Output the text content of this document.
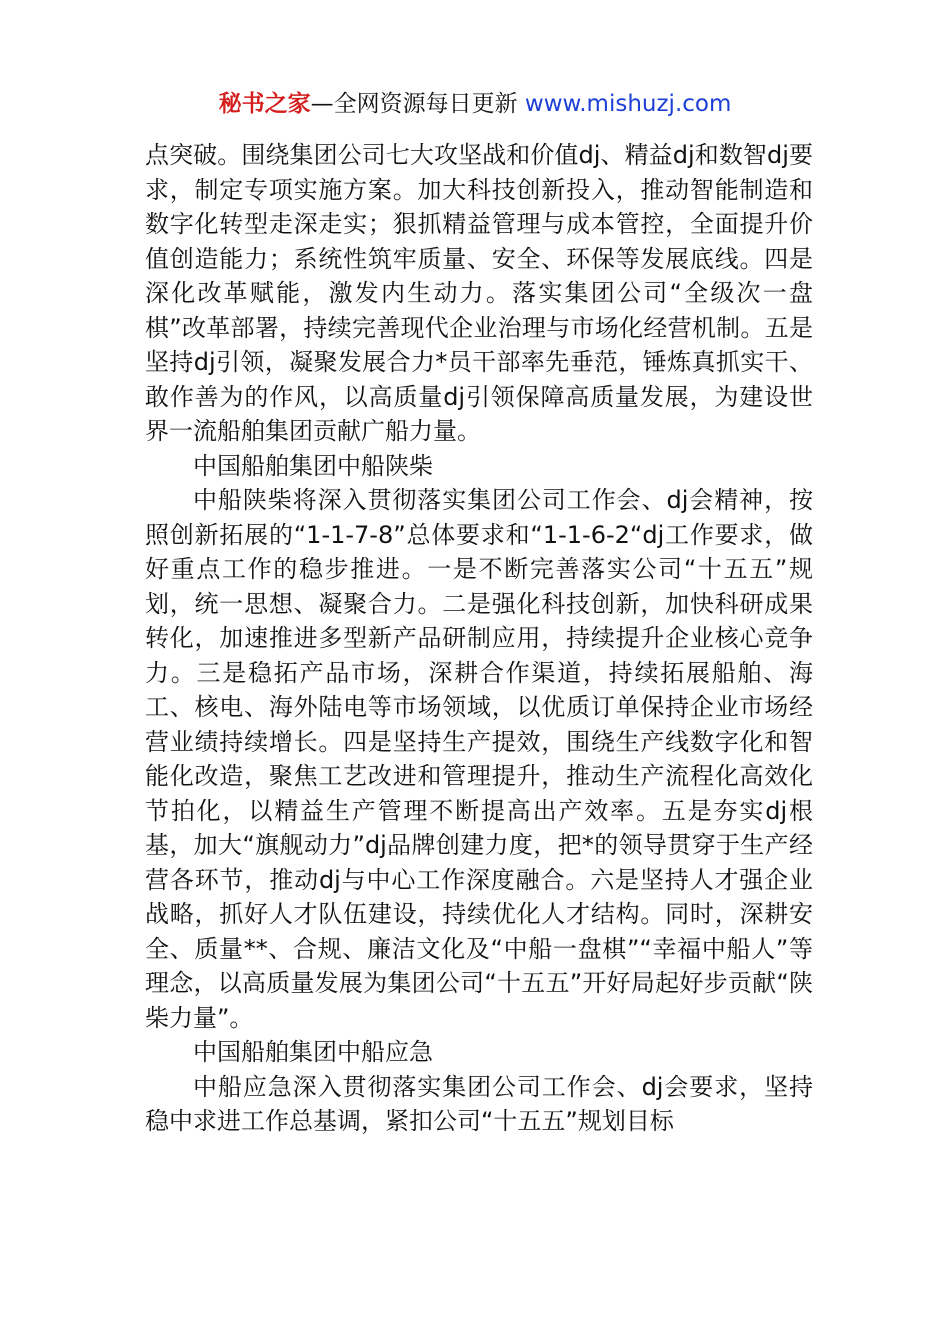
秘书之家—全网资源每日更新 www.mishuzj.com

点突破。围绕集团公司七大攻坚战和价值dj、精益dj和数智dj要求，制定专项实施方案。加大科技创新投入，推动智能制造和数字化转型走深走实；狠抓精益管理与成本管控，全面提升价值创造能力；系统性筑牢质量、安全、环保等发展底线。四是深化改革赋能，激发内生动力。落实集团公司“全级次一盘棋”改革部署，持续完善现代企业治理与市场化经营机制。五是坚持dj引领，凝聚发展合力*员干部率先垂范，锤炼真抓实干、敢作善为的作风，以高质量dj引领保障高质量发展，为建设世界一流船舶集团贡献广船力量。

中国船舶集团中船陕柴

中船陕柴将深入贯彻落实集团公司工作会、dj会精神，按照创新拓展的“1-1-7-8”总体要求和“1-1-6-2“dj工作要求，做好重点工作的稳步推进。一是不断完善落实公司“十五五”规划，统一思想、凝聚合力。二是强化科技创新，加快科研成果转化，加速推进多型新产品研制应用，持续提升企业核心竞争力。三是稳拓产品市场，深耕合作渠道，持续拓展船舶、海工、核电、海外陆电等市场领域，以优质订单保持企业市场经营业绩持续增长。四是坚持生产提效，围绕生产线数字化和智能化改造，聚焦工艺改进和管理提升，推动生产流程化高效化节拍化，以精益生产管理不断提高出产效率。五是夯实dj根基，加大“旗舰动力”dj品牌创建力度，把*的领导贯穿于生产经营各环节，推动dj与中心工作深度融合。六是坚持人才强企业战略，抓好人才队伍建设，持续优化人才结构。同时，深耕安全、质量**、合规、廉洁文化及“中船一盘棋”“幸福中船人”等理念，以高质量发展为集团公司“十五五”开好局起好步贡献“陕柴力量”。

中国船舶集团中船应急

中船应急深入贯彻落实集团公司工作会、dj会要求，坚持稳中求进工作总基调，紧扣公司“十五五”规划目标
